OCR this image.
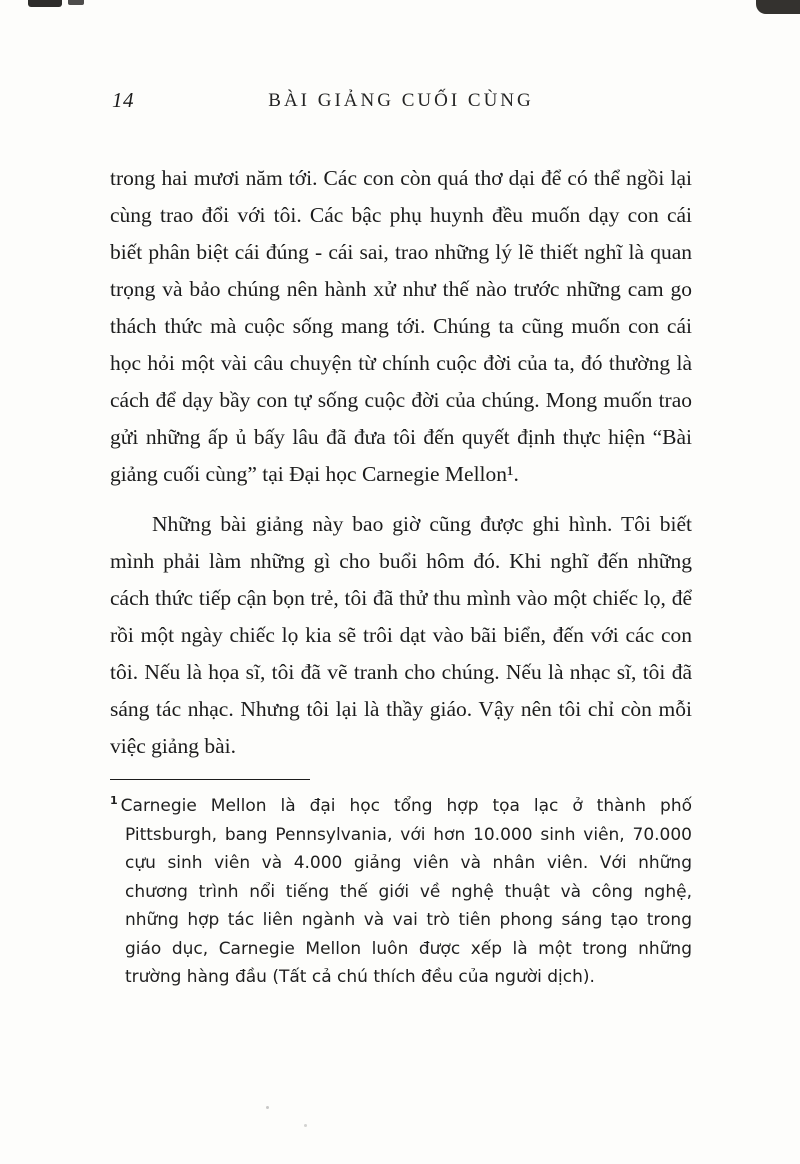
14	BÀI GIẢNG CUỐI CÙNG

trong hai mươi năm tới. Các con còn quá thơ dại để có thể ngồi lại cùng trao đổi với tôi. Các bậc phụ huynh đều muốn dạy con cái biết phân biệt cái đúng - cái sai, trao những lý lẽ thiết nghĩ là quan trọng và bảo chúng nên hành xử như thế nào trước những cam go thách thức mà cuộc sống mang tới. Chúng ta cũng muốn con cái học hỏi một vài câu chuyện từ chính cuộc đời của ta, đó thường là cách để dạy bầy con tự sống cuộc đời của chúng. Mong muốn trao gửi những ấp ủ bấy lâu đã đưa tôi đến quyết định thực hiện “Bài giảng cuối cùng” tại Đại học Carnegie Mellon¹.

Những bài giảng này bao giờ cũng được ghi hình. Tôi biết mình phải làm những gì cho buổi hôm đó. Khi nghĩ đến những cách thức tiếp cận bọn trẻ, tôi đã thử thu mình vào một chiếc lọ, để rồi một ngày chiếc lọ kia sẽ trôi dạt vào bãi biển, đến với các con tôi. Nếu là họa sĩ, tôi đã vẽ tranh cho chúng. Nếu là nhạc sĩ, tôi đã sáng tác nhạc. Nhưng tôi lại là thầy giáo. Vậy nên tôi chỉ còn mỗi việc giảng bài.

$^1$ Carnegie Mellon là đại học tổng hợp tọa lạc ở thành phố Pittsburgh, bang Pennsylvania, với hơn 10.000 sinh viên, 70.000 cựu sinh viên và 4.000 giảng viên và nhân viên. Với những chương trình nổi tiếng thế giới về nghệ thuật và công nghệ, những hợp tác liên ngành và vai trò tiên phong sáng tạo trong giáo dục, Carnegie Mellon luôn được xếp là một trong những trường hàng đầu (Tất cả chú thích đều của người dịch).
